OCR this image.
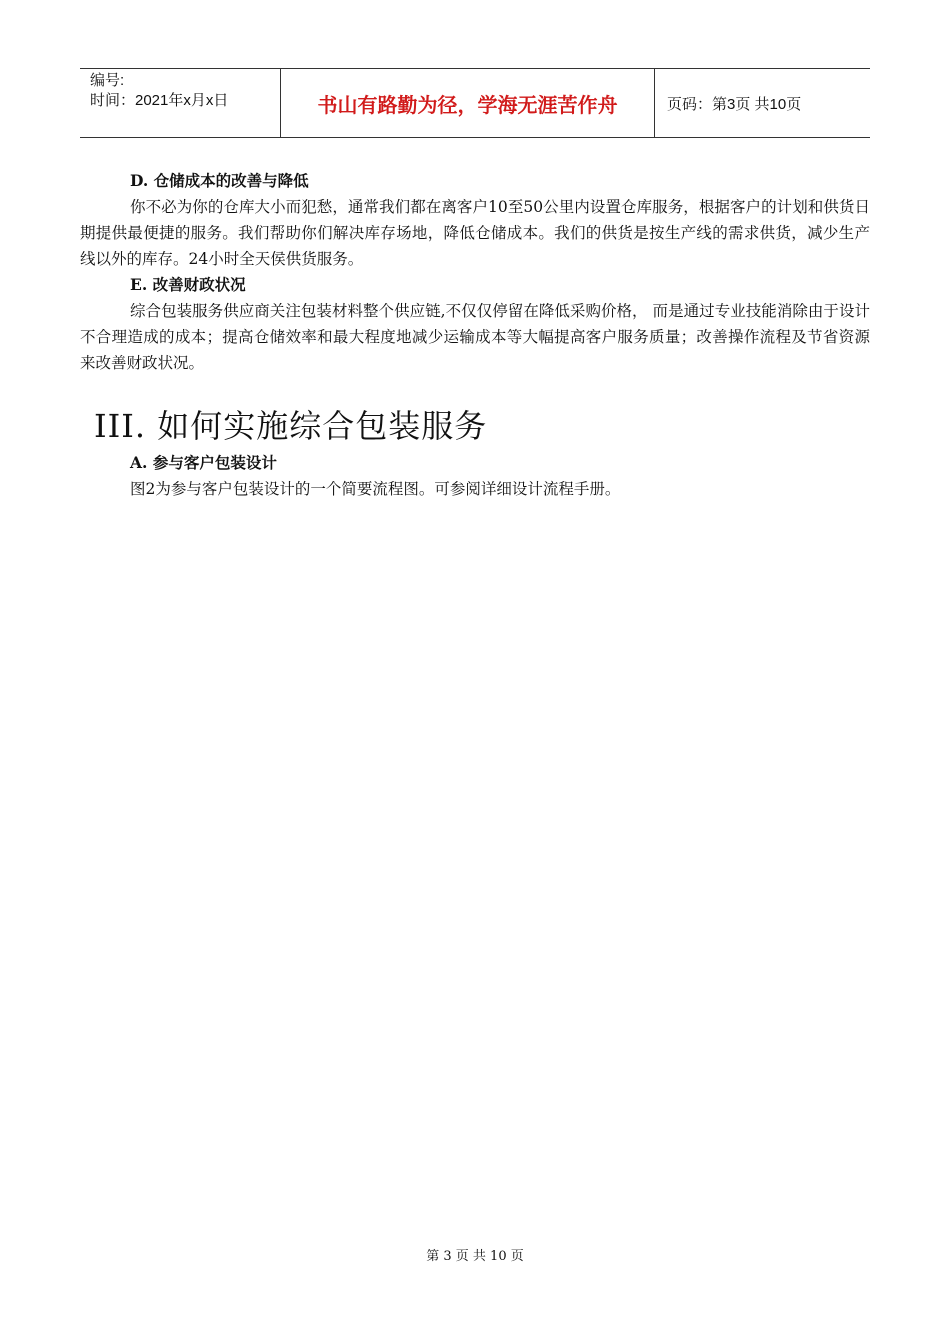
编号:
时间：2021年x月x日	书山有路勤为径，学海无涯苦作舟	页码：第3页 共10页
D. 仓储成本的改善与降低

你不必为你的仓库大小而犯愁，通常我们都在离客户10至50公里内设置仓库服务，根据客户的计划和供货日期提供最便捷的服务。我们帮助你们解决库存场地，降低仓储成本。我们的供货是按生产线的需求供货，减少生产线以外的库存。24小时全天侯供货服务。

E. 改善财政状况

综合包装服务供应商关注包装材料整个供应链,不仅仅停留在降低采购价格， 而是通过专业技能消除由于设计不合理造成的成本；提高仓储效率和最大程度地减少运输成本等大幅提高客户服务质量；改善操作流程及节省资源来改善财政状况。

III. 如何实施综合包装服务
A. 参与客户包装设计
图2为参与客户包装设计的一个简要流程图。可参阅详细设计流程手册。
第 3 页 共 10 页
